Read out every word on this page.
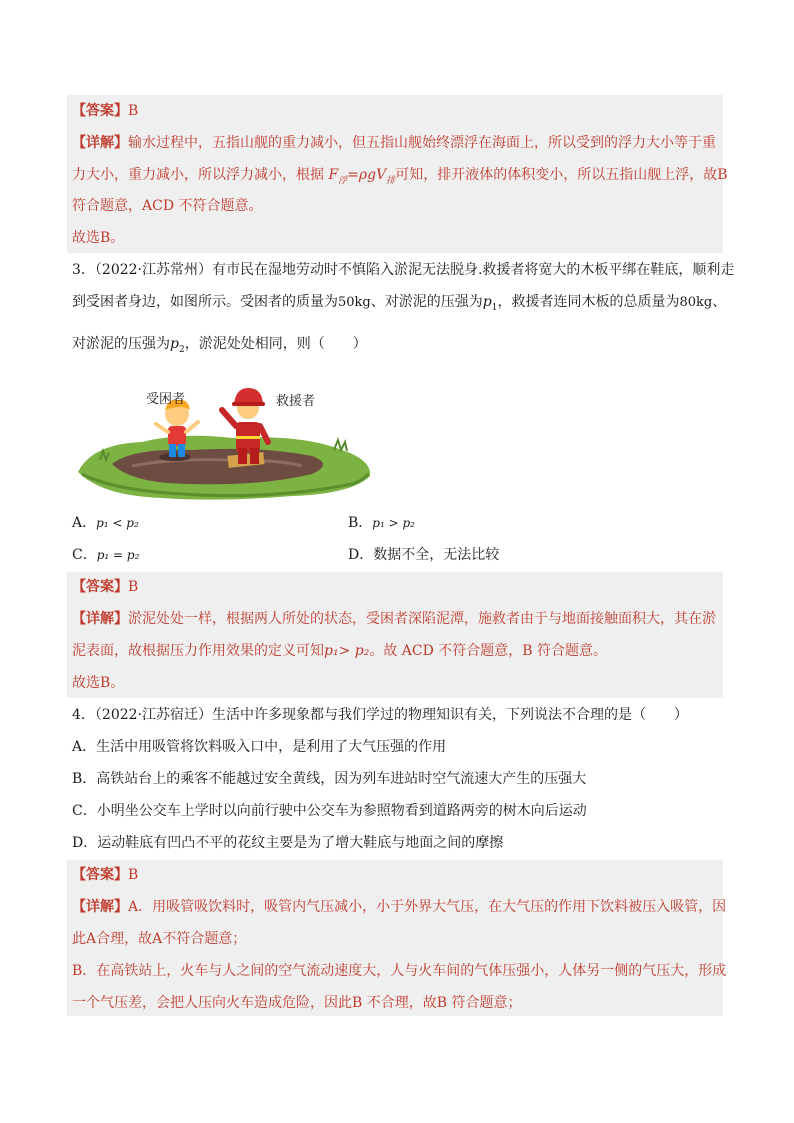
【答案】B
【详解】输水过程中，五指山舰的重力减小，但五指山舰始终漂浮在海面上，所以受到的浮力大小等于重
力大小，重力减小，所以浮力减小，根据 $F_浮=\rho gV_排$可知，排开液体的体积变小，所以五指山舰上浮，故B
符合题意，ACD 不符合题意。
故选B。
3．（2022·江苏常州）有市民在湿地劳动时不慎陷入淤泥无法脱身.救援者将宽大的木板平绑在鞋底，顺利走
到受困者身边，如图所示。受困者的质量为50kg、对淤泥的压强为$p_1$，救援者连同木板的总质量为80kg、
对淤泥的压强为$p_2$，淤泥处处相同，则（　　）
受困者	救援者
A．p₁ < p₂	B．p₁ > p₂
C．p₁ = p₂	D．数据不全，无法比较
【答案】B
【详解】淤泥处处一样，根据两人所处的状态，受困者深陷泥潭，施救者由于与地面接触面积大，其在淤
泥表面，故根据压力作用效果的定义可知p₁> p₂。故 ACD 不符合题意，B 符合题意。
故选B。
4．（2022·江苏宿迁）生活中许多现象都与我们学过的物理知识有关，下列说法不合理的是（　　）
A．生活中用吸管将饮料吸入口中，是利用了大气压强的作用
B．高铁站台上的乘客不能越过安全黄线，因为列车进站时空气流速大产生的压强大
C．小明坐公交车上学时以向前行驶中公交车为参照物看到道路两旁的树木向后运动
D．运动鞋底有凹凸不平的花纹主要是为了增大鞋底与地面之间的摩擦
【答案】B
【详解】A．用吸管吸饮料时，吸管内气压减小，小于外界大气压，在大气压的作用下饮料被压入吸管，因
此A合理，故A不符合题意；
B．在高铁站上，火车与人之间的空气流动速度大，人与火车间的气体压强小，人体另一侧的气压大，形成
一个气压差，会把人压向火车造成危险，因此B 不合理，故B 符合题意；
